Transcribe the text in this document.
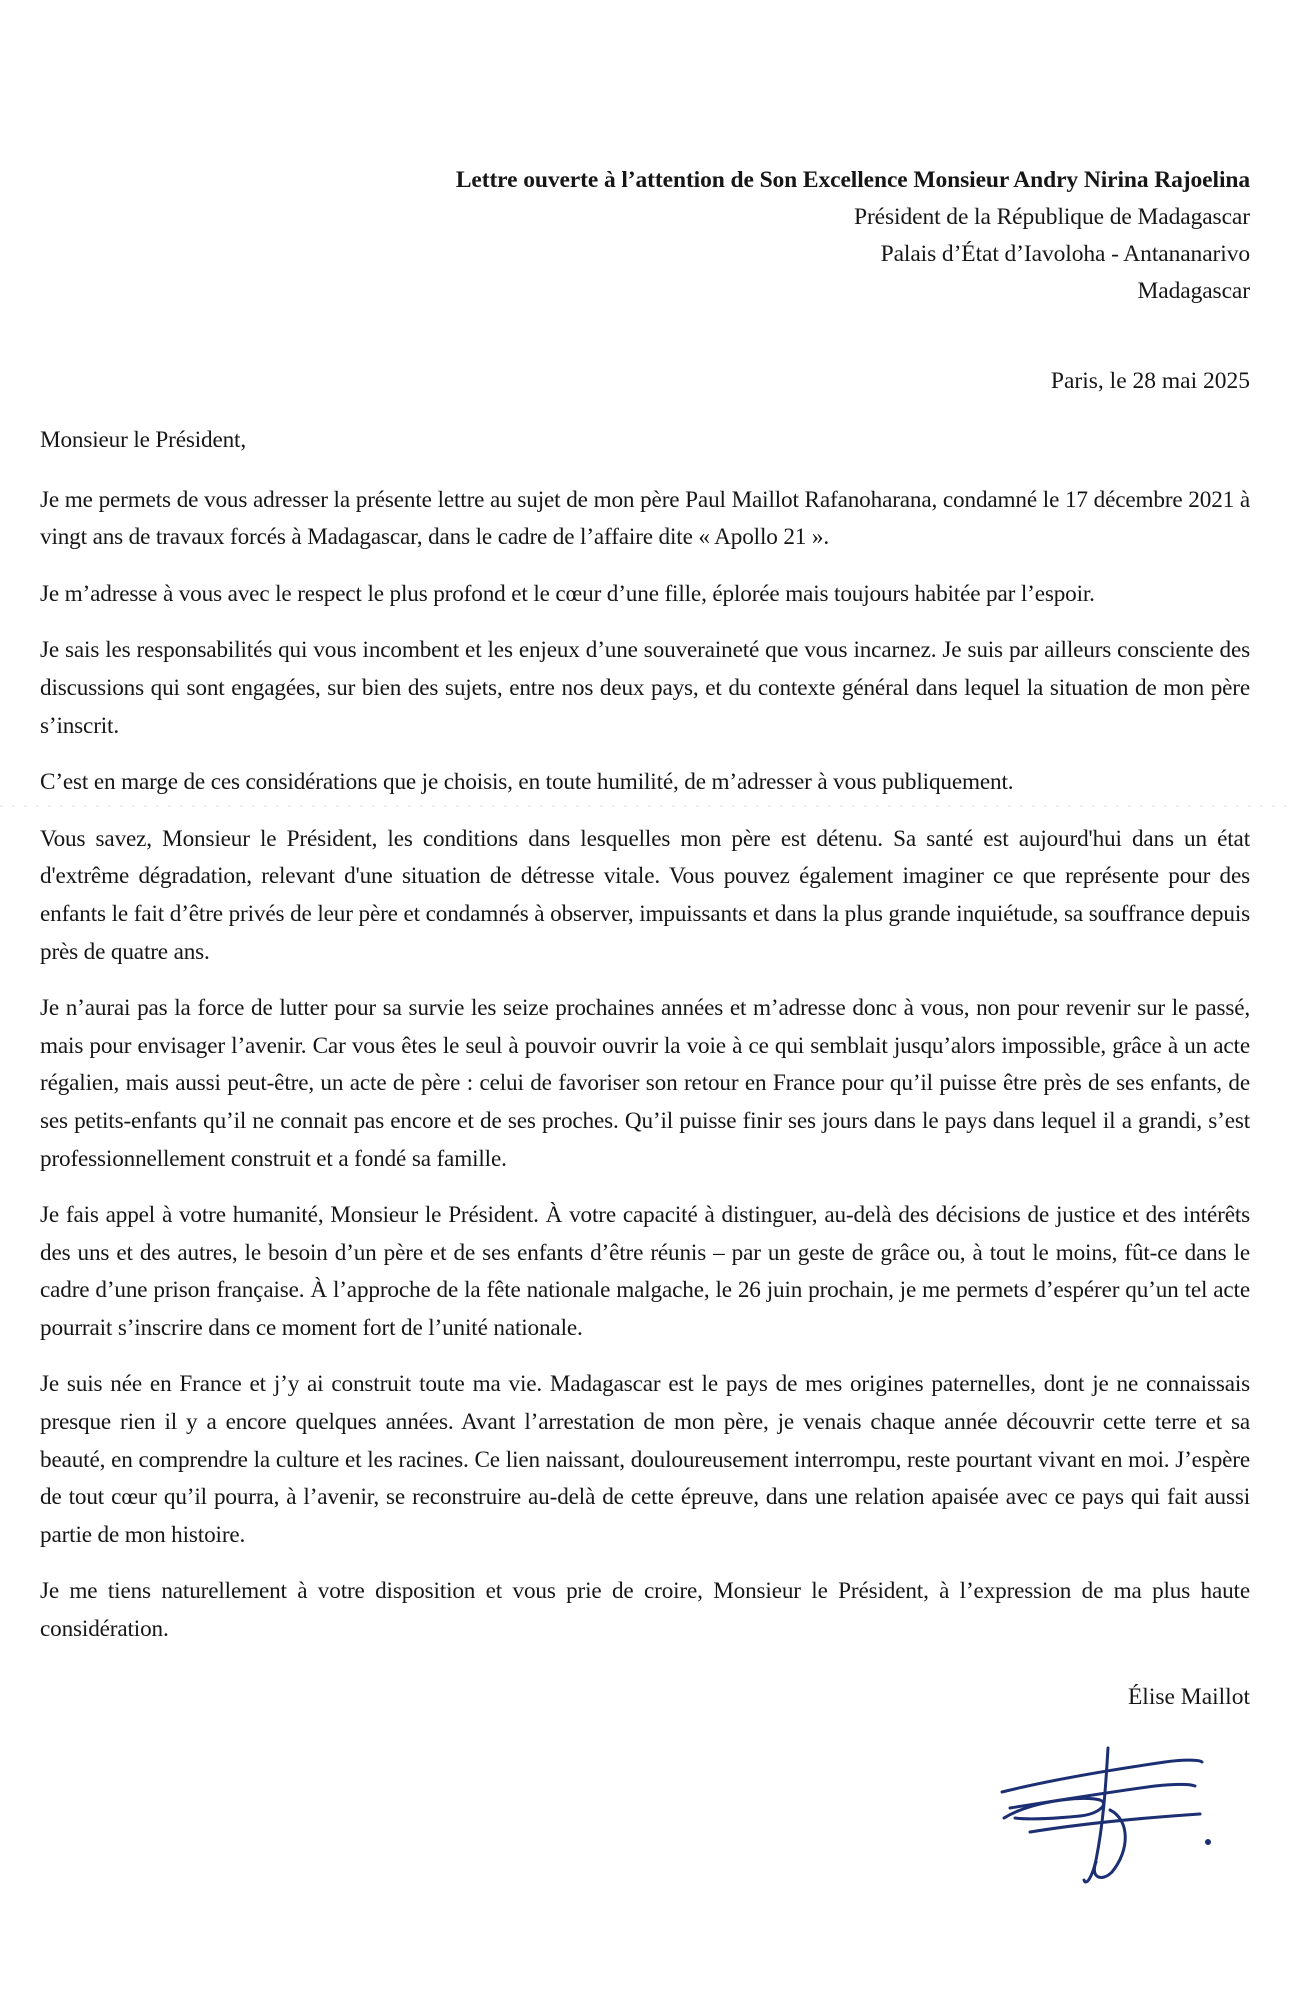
Lettre ouverte à l’attention de Son Excellence Monsieur Andry Nirina Rajoelina
Président de la République de Madagascar
Palais d’État d’Iavoloha - Antananarivo
Madagascar
Paris, le 28 mai 2025

Monsieur le Président,

Je me permets de vous adresser la présente lettre au sujet de mon père Paul Maillot Rafanoharana, condamné le 17 décembre 2021 à vingt ans de travaux forcés à Madagascar, dans le cadre de l’affaire dite « Apollo 21 ».

Je m’adresse à vous avec le respect le plus profond et le cœur d’une fille, éplorée mais toujours habitée par l’espoir.

Je sais les responsabilités qui vous incombent et les enjeux d’une souveraineté que vous incarnez. Je suis par ailleurs consciente des discussions qui sont engagées, sur bien des sujets, entre nos deux pays, et du contexte général dans lequel la situation de mon père s’inscrit.

C’est en marge de ces considérations que je choisis, en toute humilité, de m’adresser à vous publiquement.

Vous savez, Monsieur le Président, les conditions dans lesquelles mon père est détenu. Sa santé est aujourd'hui dans un état d'extrême dégradation, relevant d'une situation de détresse vitale. Vous pouvez également imaginer ce que représente pour des enfants le fait d’être privés de leur père et condamnés à observer, impuissants et dans la plus grande inquiétude, sa souffrance depuis près de quatre ans.

Je n’aurai pas la force de lutter pour sa survie les seize prochaines années et m’adresse donc à vous, non pour revenir sur le passé, mais pour envisager l’avenir. Car vous êtes le seul à pouvoir ouvrir la voie à ce qui semblait jusqu’alors impossible, grâce à un acte régalien, mais aussi peut-être, un acte de père : celui de favoriser son retour en France pour qu’il puisse être près de ses enfants, de ses petits-enfants qu’il ne connait pas encore et de ses proches. Qu’il puisse finir ses jours dans le pays dans lequel il a grandi, s’est professionnellement construit et a fondé sa famille.

Je fais appel à votre humanité, Monsieur le Président. À votre capacité à distinguer, au-delà des décisions de justice et des intérêts des uns et des autres, le besoin d’un père et de ses enfants d’être réunis – par un geste de grâce ou, à tout le moins, fût-ce dans le cadre d’une prison française. À l’approche de la fête nationale malgache, le 26 juin prochain, je me permets d’espérer qu’un tel acte pourrait s’inscrire dans ce moment fort de l’unité nationale.

Je suis née en France et j’y ai construit toute ma vie. Madagascar est le pays de mes origines paternelles, dont je ne connaissais presque rien il y a encore quelques années. Avant l’arrestation de mon père, je venais chaque année découvrir cette terre et sa beauté, en comprendre la culture et les racines. Ce lien naissant, douloureusement interrompu, reste pourtant vivant en moi. J’espère de tout cœur qu’il pourra, à l’avenir, se reconstruire au-delà de cette épreuve, dans une relation apaisée avec ce pays qui fait aussi partie de mon histoire.

Je me tiens naturellement à votre disposition et vous prie de croire, Monsieur le Président, à l’expression de ma plus haute considération.

Élise Maillot
